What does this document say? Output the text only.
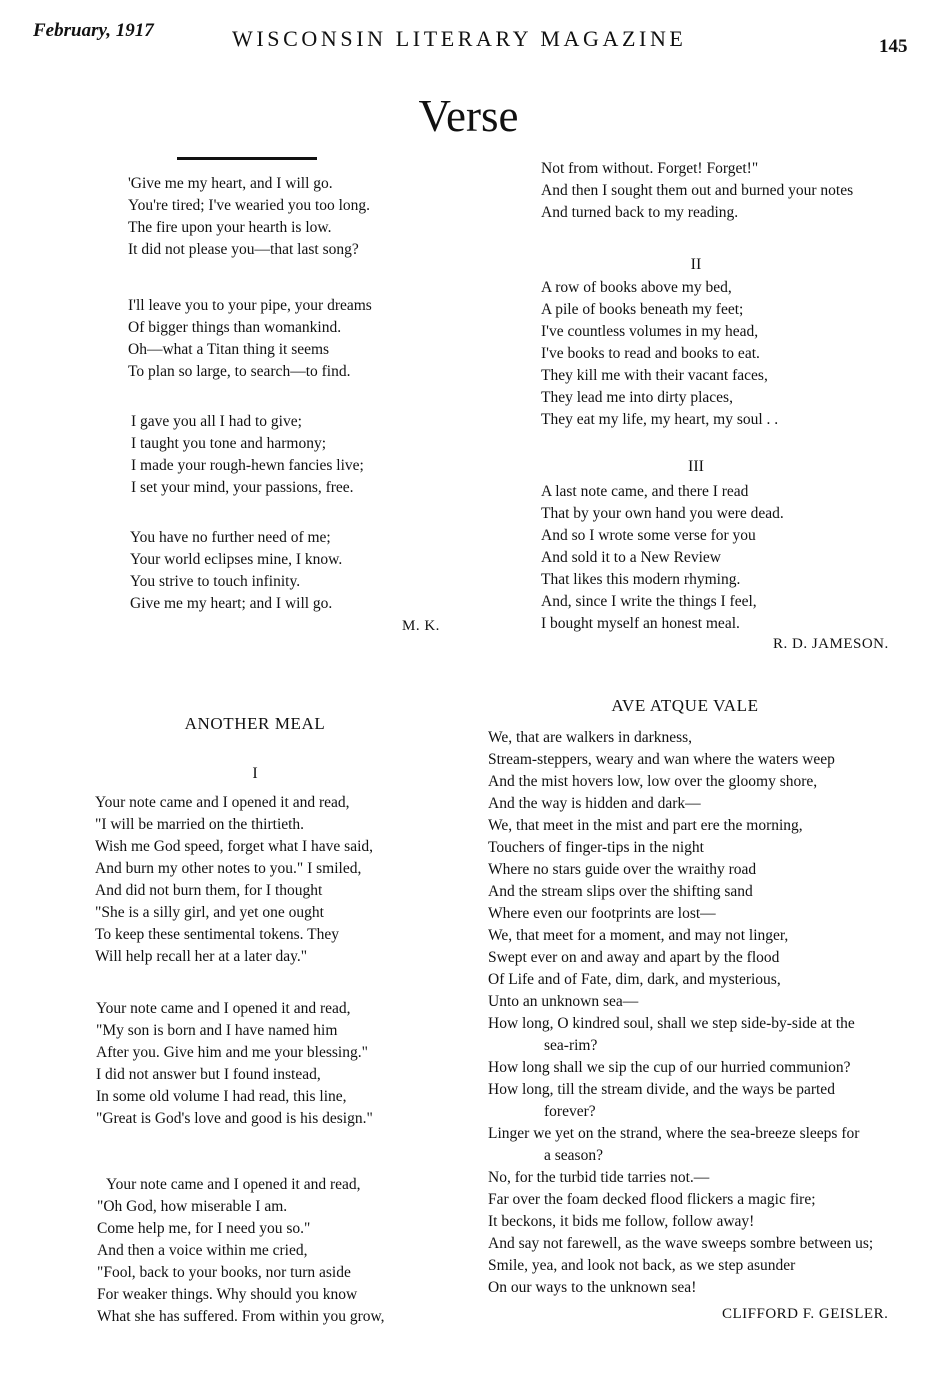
February, 1917	WISCONSIN LITERARY MAGAZINE	145
Verse
'Give me my heart, and I will go.
You're tired; I've wearied you too long.
The fire upon your hearth is low.
It did not please you—that last song?
I'll leave you to your pipe, your dreams
Of bigger things than womankind.
Oh—what a Titan thing it seems
To plan so large, to search—to find.
I gave you all I had to give;
I taught you tone and harmony;
I made your rough-hewn fancies live;
I set your mind, your passions, free.
You have no further need of me;
Your world eclipses mine, I know.
You strive to touch infinity.
Give me my heart; and I will go.
M. K.
Not from without. Forget! Forget!"
And then I sought them out and burned your notes
And turned back to my reading.
II
A row of books above my bed,
A pile of books beneath my feet;
I've countless volumes in my head,
I've books to read and books to eat.
They kill me with their vacant faces,
They lead me into dirty places,
They eat my life, my heart, my soul . .
III
A last note came, and there I read
That by your own hand you were dead.
And so I wrote some verse for you
And sold it to a New Review
That likes this modern rhyming.
And, since I write the things I feel,
I bought myself an honest meal.
R. D. JAMESON.
ANOTHER MEAL
I
Your note came and I opened it and read,
"I will be married on the thirtieth.
Wish me God speed, forget what I have said,
And burn my other notes to you." I smiled,
And did not burn them, for I thought
"She is a silly girl, and yet one ought
To keep these sentimental tokens. They
Will help recall her at a later day."
Your note came and I opened it and read,
"My son is born and I have named him
After you. Give him and me your blessing."
I did not answer but I found instead,
In some old volume I had read, this line,
"Great is God's love and good is his design."
Your note came and I opened it and read,
"Oh God, how miserable I am.
Come help me, for I need you so."
And then a voice within me cried,
"Fool, back to your books, nor turn aside
For weaker things. Why should you know
What she has suffered. From within you grow,
AVE ATQUE VALE
We, that are walkers in darkness,
Stream-steppers, weary and wan where the waters weep
And the mist hovers low, low over the gloomy shore,
And the way is hidden and dark—
We, that meet in the mist and part ere the morning,
Touchers of finger-tips in the night
Where no stars guide over the wraithy road
And the stream slips over the shifting sand
Where even our footprints are lost—
We, that meet for a moment, and may not linger,
Swept ever on and away and apart by the flood
Of Life and of Fate, dim, dark, and mysterious,
Unto an unknown sea—
How long, O kindred soul, shall we step side-by-side at the
sea-rim?
How long shall we sip the cup of our hurried communion?
How long, till the stream divide, and the ways be parted
forever?
Linger we yet on the strand, where the sea-breeze sleeps for
a season?
No, for the turbid tide tarries not.—
Far over the foam decked flood flickers a magic fire;
It beckons, it bids me follow, follow away!
And say not farewell, as the wave sweeps sombre between us;
Smile, yea, and look not back, as we step asunder
On our ways to the unknown sea!
CLIFFORD F. GEISLER.
